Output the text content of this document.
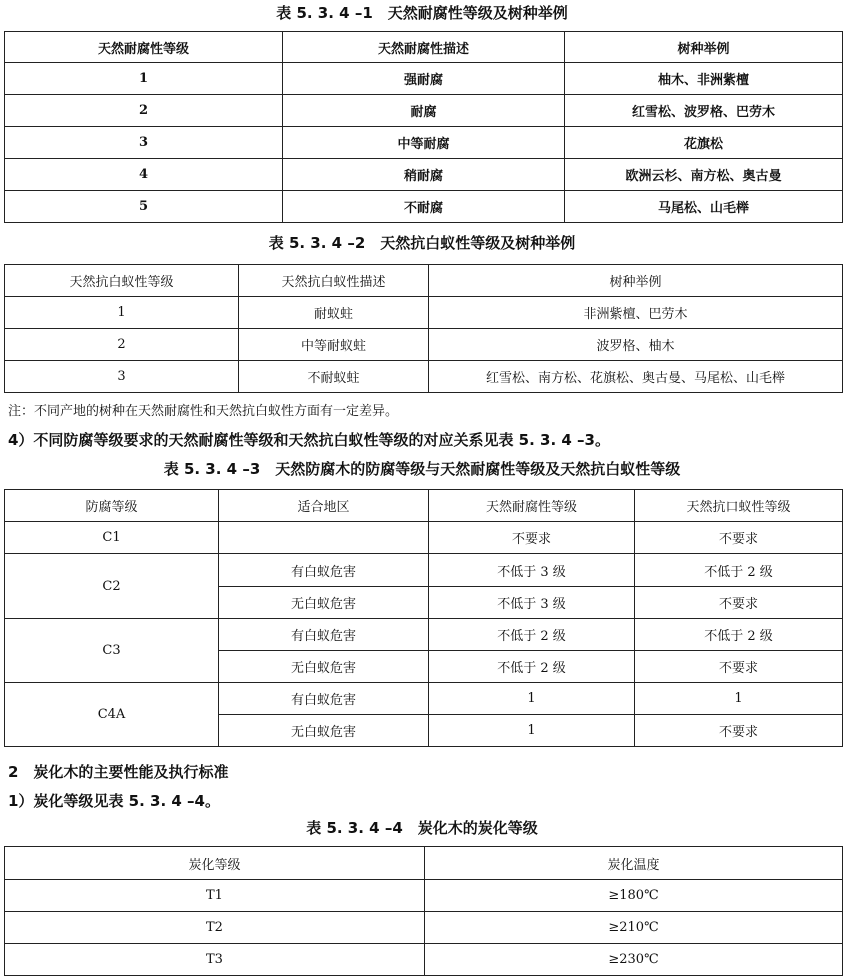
表 5. 3. 4 –1　天然耐腐性等级及树种举例
天然耐腐性等级	天然耐腐性描述	树种举例
1	强耐腐	柚木、非洲紫檀
2	耐腐	红雪松、波罗格、巴劳木
3	中等耐腐	花旗松
4	稍耐腐	欧洲云杉、南方松、奥古曼
5	不耐腐	马尾松、山毛榉
表 5. 3. 4 –2　天然抗白蚁性等级及树种举例
天然抗白蚁性等级	天然抗白蚁性描述	树种举例
1	耐蚁蛀	非洲紫檀、巴劳木
2	中等耐蚁蛀	波罗格、柚木
3	不耐蚁蛀	红雪松、南方松、花旗松、奥古曼、马尾松、山毛榉
注：不同产地的树种在天然耐腐性和天然抗白蚁性方面有一定差异。
4）不同防腐等级要求的天然耐腐性等级和天然抗白蚁性等级的对应关系见表 5. 3. 4 –3。
表 5. 3. 4 –3　天然防腐木的防腐等级与天然耐腐性等级及天然抗白蚁性等级
防腐等级	适合地区	天然耐腐性等级	天然抗口蚁性等级
C1		不要求	不要求
C2	有白蚁危害	不低于 3 级	不低于 2 级
	无白蚁危害	不低于 3 级	不要求
C3	有白蚁危害	不低于 2 级	不低于 2 级
	无白蚁危害	不低于 2 级	不要求
C4A	有白蚁危害	1	1
	无白蚁危害	1	不要求
2　炭化木的主要性能及执行标准
1）炭化等级见表 5. 3. 4 –4。
表 5. 3. 4 –4　炭化木的炭化等级
炭化等级	炭化温度
T1	≥180℃
T2	≥210℃
T3	≥230℃
